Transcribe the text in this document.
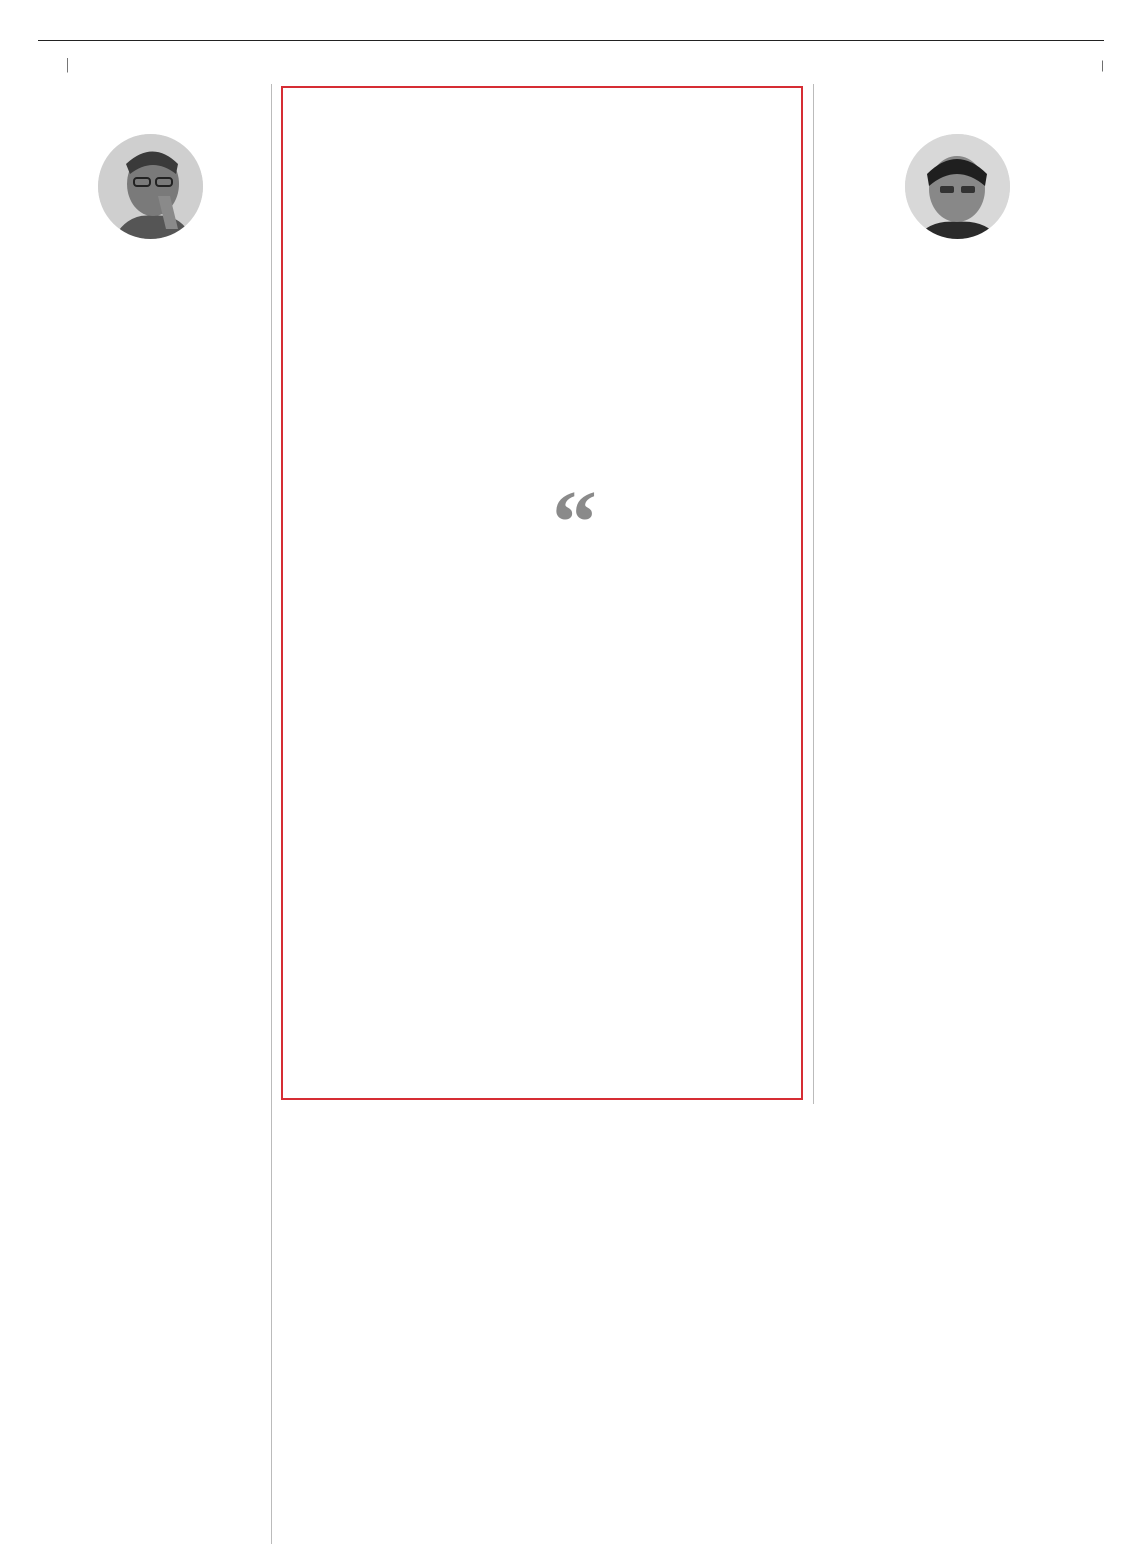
|	|
“
